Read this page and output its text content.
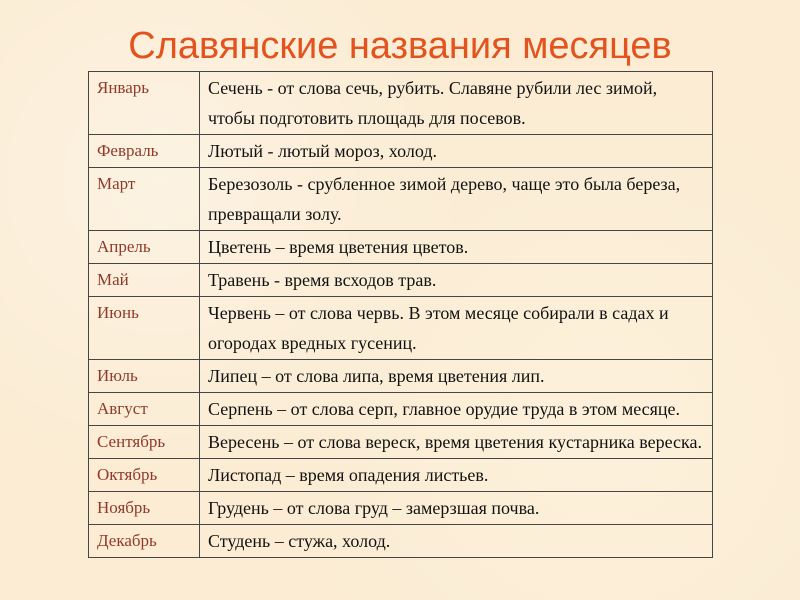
Славянские названия месяцев
Январь	Сечень - от слова сечь, рубить. Славяне рубили лес зимой, чтобы подготовить площадь для посевов.
Февраль	Лютый - лютый мороз, холод.
Март	Березозоль - срубленное зимой дерево, чаще это была береза, превращали золу.
Апрель	Цветень – время цветения цветов.
Май	Травень - время всходов трав.
Июнь	Червень – от слова червь. В этом месяце собирали в садах и огородах вредных гусениц.
Июль	Липец – от слова липа, время цветения лип.
Август	Серпень – от слова серп, главное орудие труда в этом месяце.
Сентябрь	Вересень – от слова вереск, время цветения кустарника вереска.
Октябрь	Листопад – время опадения листьев.
Ноябрь	Грудень – от слова груд – замерзшая почва.
Декабрь	Студень – стужа, холод.
